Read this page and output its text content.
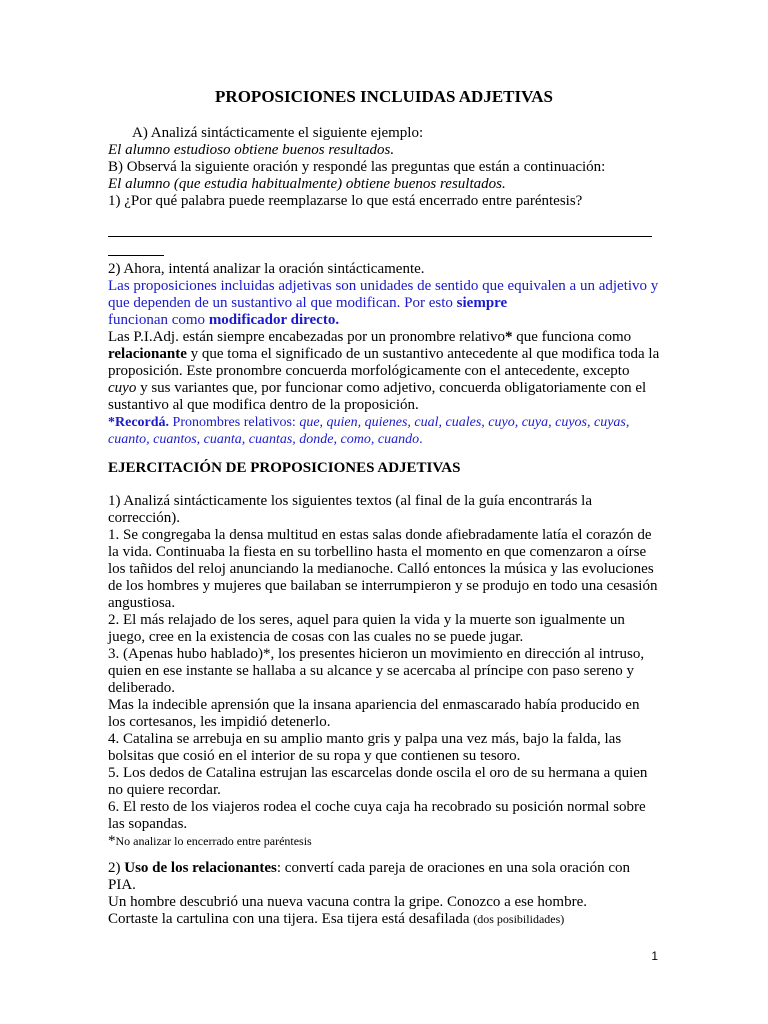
PROPOSICIONES INCLUIDAS ADJETIVAS

A) Analizá sintácticamente el siguiente ejemplo:

El alumno estudioso obtiene buenos resultados.

B) Observá la siguiente oración y respondé las preguntas que están a continuación:

El alumno (que estudia habitualmente) obtiene buenos resultados.

1) ¿Por qué palabra puede reemplazarse lo que está encerrado entre paréntesis?

2) Ahora, intentá analizar la oración sintácticamente.

Las proposiciones incluidas adjetivas son unidades de sentido que equivalen a un adjetivo y que dependen de un sustantivo al que modifican. Por esto siempre
funcionan como modificador directo.

Las P.I.Adj. están siempre encabezadas por un pronombre relativo* que funciona como relacionante y que toma el significado de un sustantivo antecedente al que modifica toda la proposición. Este pronombre concuerda morfológicamente con el antecedente, excepto cuyo y sus variantes que, por funcionar como adjetivo, concuerda obligatoriamente con el sustantivo al que modifica dentro de la proposición.

*Recordá. Pronombres relativos: que, quien, quienes, cual, cuales, cuyo, cuya, cuyos, cuyas, cuanto, cuantos, cuanta, cuantas, donde, como, cuando.

EJERCITACIÓN DE PROPOSICIONES ADJETIVAS

1) Analizá sintácticamente los siguientes textos (al final de la guía encontrarás la corrección).

1. Se congregaba la densa multitud en estas salas donde afiebradamente latía el corazón de la vida. Continuaba la fiesta en su torbellino hasta el momento en que comenzaron a oírse los tañidos del reloj anunciando la medianoche. Calló entonces la música y las evoluciones de los hombres y mujeres que bailaban se interrumpieron y se produjo en todo una cesasión angustiosa.

2. El más relajado de los seres, aquel para quien la vida y la muerte son igualmente un juego, cree en la existencia de cosas con las cuales no se puede jugar.

3. (Apenas hubo hablado)*, los presentes hicieron un movimiento en dirección al intruso, quien en ese instante se hallaba a su alcance y se acercaba al príncipe con paso sereno y deliberado.

Mas la indecible aprensión que la insana apariencia del enmascarado había producido en los cortesanos, les impidió detenerlo.

4. Catalina se arrebuja en su amplio manto gris y palpa una vez más, bajo la falda, las bolsitas que cosió en el interior de su ropa y que contienen su tesoro.

5. Los dedos de Catalina estrujan las escarcelas donde oscila el oro de su hermana a quien no quiere recordar.

6. El resto de los viajeros rodea el coche cuya caja ha recobrado su posición normal sobre las sopandas.

*No analizar lo encerrado entre paréntesis

2) Uso de los relacionantes: convertí cada pareja de oraciones en una sola oración con PIA.

Un hombre descubrió una nueva vacuna contra la gripe. Conozco a ese hombre.

Cortaste la cartulina con una tijera. Esa tijera está desafilada (dos posibilidades)

1
